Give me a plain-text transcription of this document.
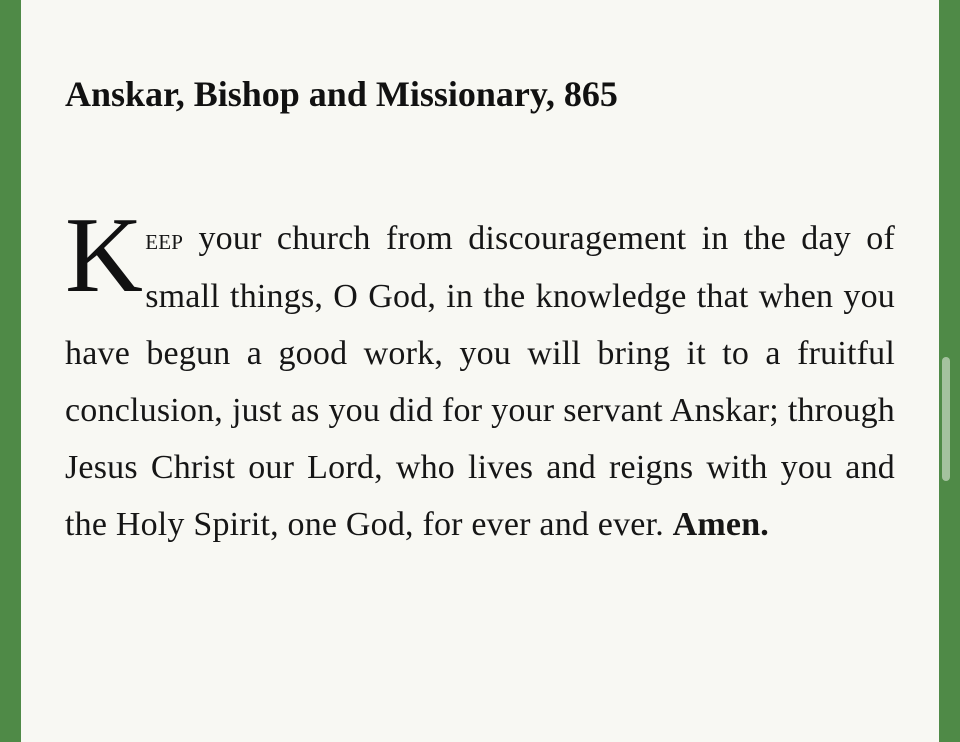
Anskar, Bishop and Missionary, 865

Keep your church from discouragement in the day of small things, O God, in the knowledge that when you have begun a good work, you will bring it to a fruitful conclusion, just as you did for your servant Anskar; through Jesus Christ our Lord, who lives and reigns with you and the Holy Spirit, one God, for ever and ever. Amen.
